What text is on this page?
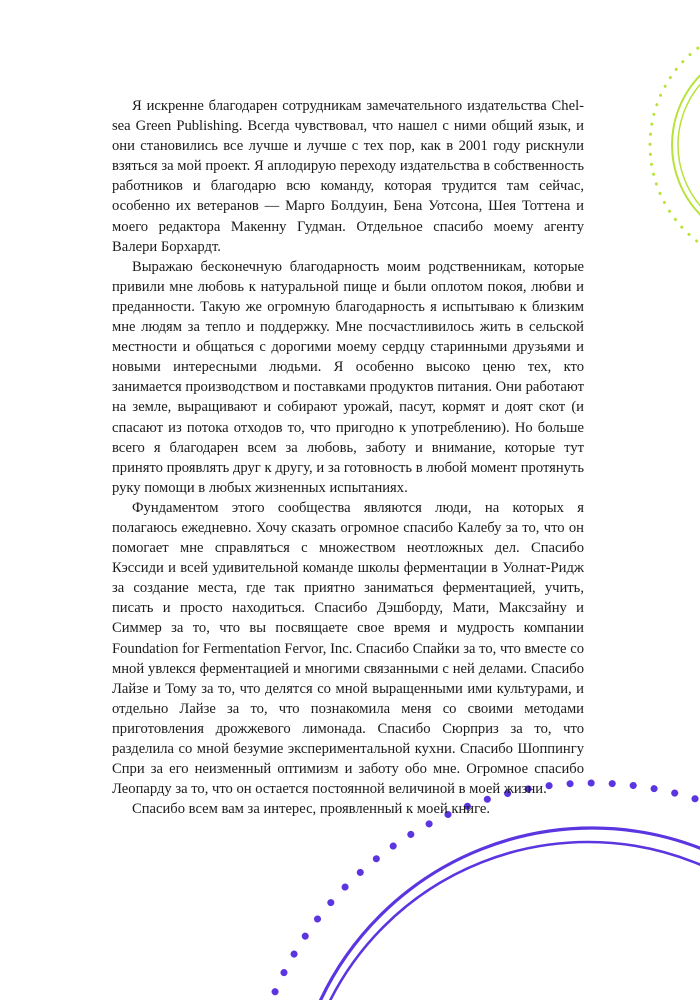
Я искренне благодарен сотрудникам замечательного издательства Chelsea Green Publishing. Всегда чувствовал, что нашел с ними общий язык, и они становились все лучше и лучше с тех пор, как в 2001 году рискнули взяться за мой проект. Я аплодирую переходу издательства в собственность работников и благодарю всю команду, которая трудится там сейчас, особенно их ветеранов — Марго Болдуин, Бена Уотсона, Шея Тоттена и моего редактора Макенну Гудман. Отдельное спасибо моему агенту Валери Борхардт.

Выражаю бесконечную благодарность моим родственникам, которые привили мне любовь к натуральной пище и были оплотом покоя, любви и преданности. Такую же огромную благодарность я испытываю к близким мне людям за тепло и поддержку. Мне посчастливилось жить в сельской местности и общаться с дорогими моему сердцу старинными друзьями и новыми интересными людьми. Я особенно высоко ценю тех, кто занимается производством и поставками продуктов питания. Они работают на земле, выращивают и собирают урожай, пасут, кормят и доят скот (и спасают из потока отходов то, что пригодно к употреблению). Но больше всего я благодарен всем за любовь, заботу и внимание, которые тут принято проявлять друг к другу, и за готовность в любой момент протянуть руку помощи в любых жизненных испытаниях.

Фундаментом этого сообщества являются люди, на которых я полагаюсь ежедневно. Хочу сказать огромное спасибо Калебу за то, что он помогает мне справляться с множеством неотложных дел. Спасибо Кэссиди и всей удивительной команде школы ферментации в Уолнат-Ридж за создание места, где так приятно заниматься ферментацией, учить, писать и просто находиться. Спасибо Дэшборду, Мати, Максзайну и Симмер за то, что вы посвящаете свое время и мудрость компании Foundation for Fermentation Fervor, Inc. Спасибо Спайки за то, что вместе со мной увлекся ферментацией и многими связанными с ней делами. Спасибо Лайзе и Тому за то, что делятся со мной выращенными ими культурами, и отдельно Лайзе за то, что познакомила меня со своими методами приготовления дрожжевого лимонада. Спасибо Сюрприз за то, что разделила со мной безумие экспериментальной кухни. Спасибо Шоппингу Спри за его неизменный оптимизм и заботу обо мне. Огромное спасибо Леопарду за то, что он остается постоянной величиной в моей жизни.

Спасибо всем вам за интерес, проявленный к моей книге.
